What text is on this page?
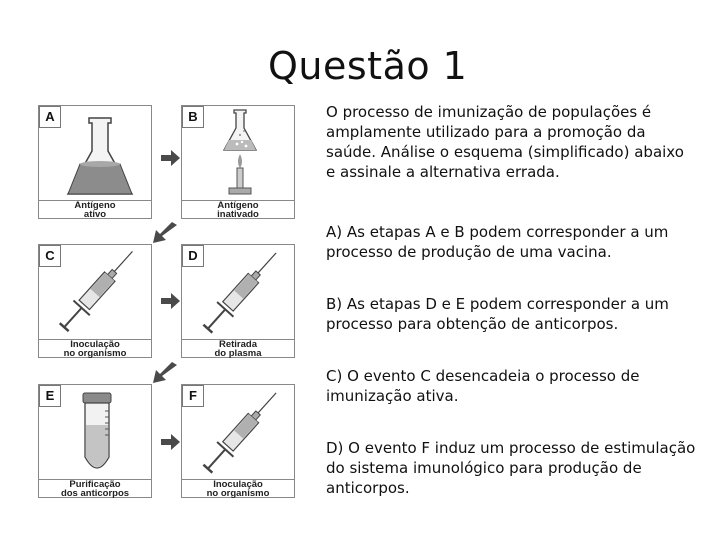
Questão 1
A
Antígeno
ativo
B
Antígeno
inativado
C
Inoculação
no organismo
D
Retirada
do plasma
E
Purificação
dos anticorpos
F
Inoculação
no organismo
O processo de imunização de populações é amplamente utilizado para a promoção da saúde. Análise o esquema (simplificado) abaixo e assinale a alternativa errada.
A) As etapas A e B podem corresponder a um processo de produção de uma vacina.
B) As etapas D e E podem corresponder a um processo para obtenção de anticorpos.
C) O evento C desencadeia o processo de imunização ativa.
D) O evento F induz um processo de estimulação do sistema imunológico para produção de anticorpos.
